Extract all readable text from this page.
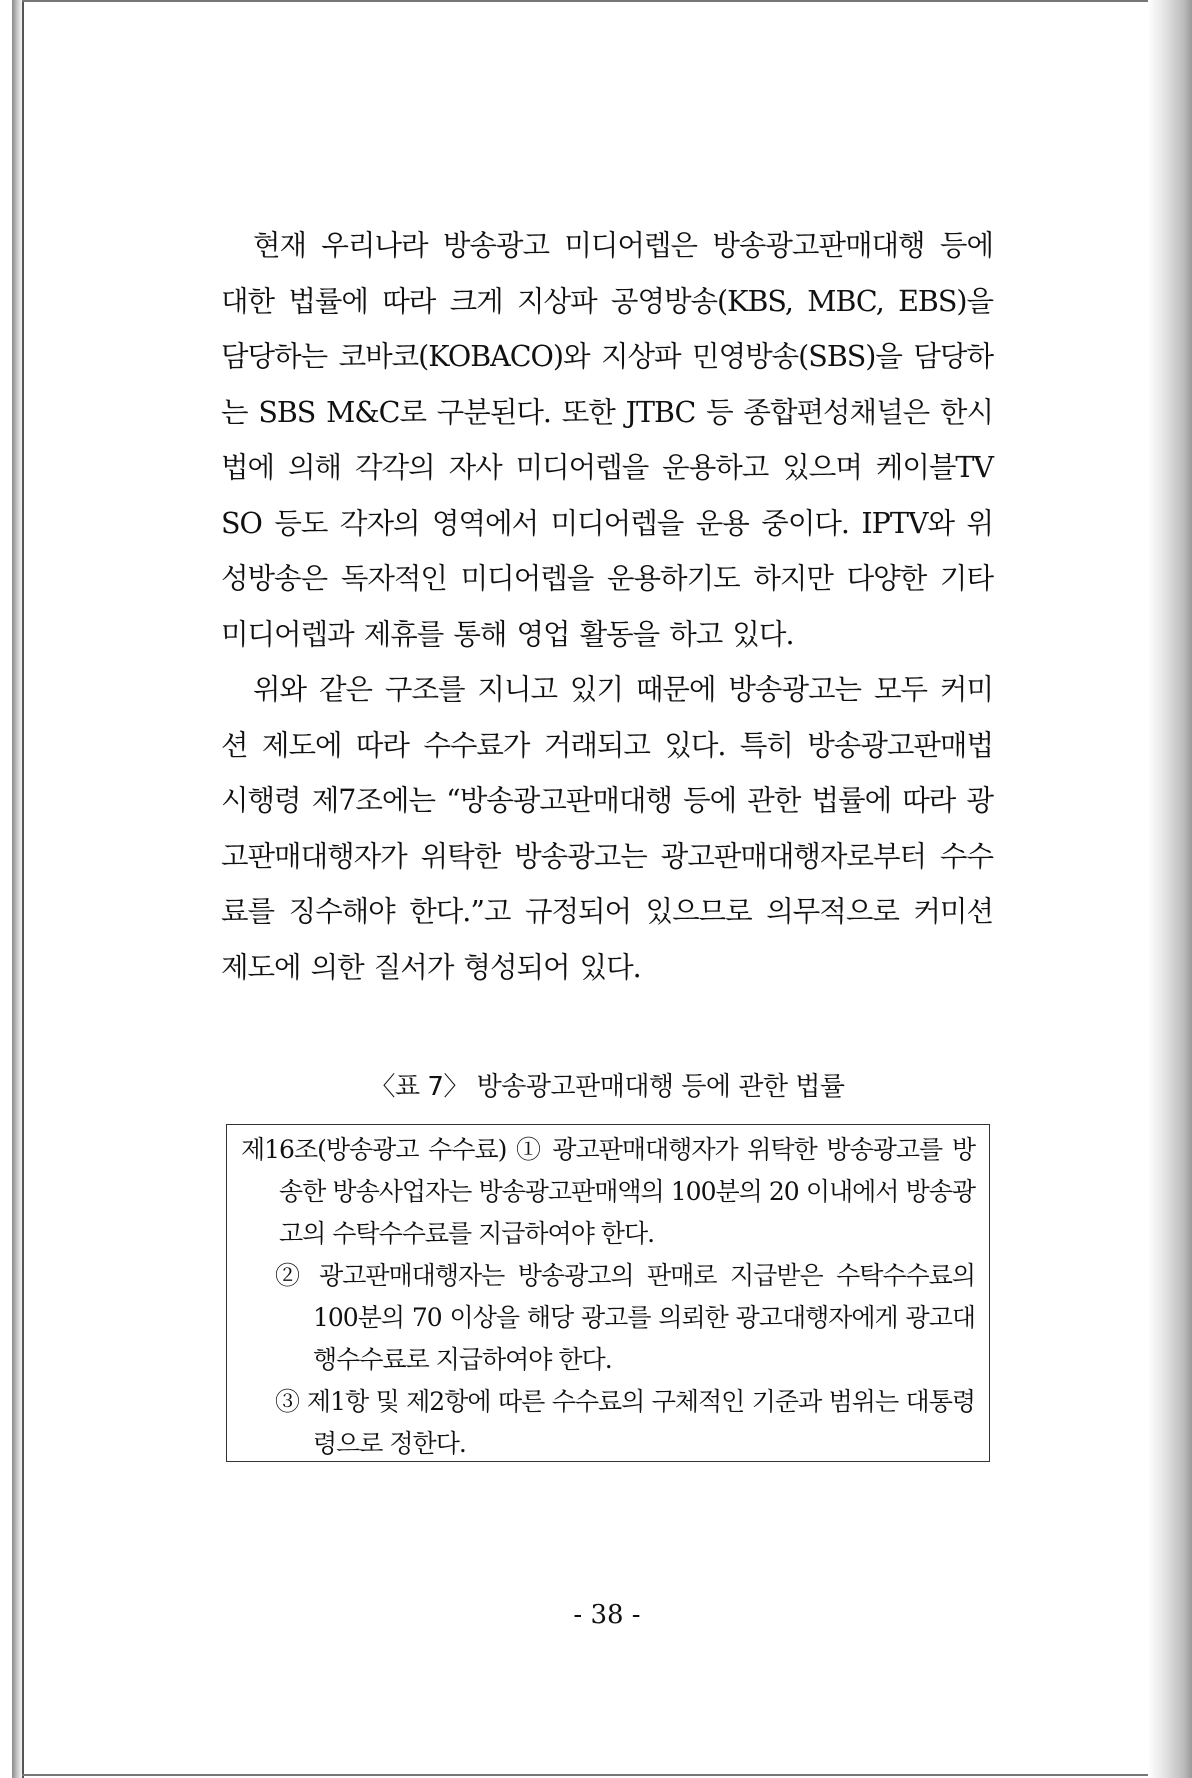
현재 우리나라 방송광고 미디어렙은 방송광고판매대행 등에 대한 법률에 따라 크게 지상파 공영방송(KBS, MBC, EBS)을 담당하는 코바코(KOBACO)와 지상파 민영방송(SBS)을 담당하는 SBS M&C로 구분된다. 또한 JTBC 등 종합편성채널은 한시법에 의해 각각의 자사 미디어렙을 운용하고 있으며 케이블TV SO 등도 각자의 영역에서 미디어렙을 운용 중이다. IPTV와 위성방송은 독자적인 미디어렙을 운용하기도 하지만 다양한 기타 미디어렙과 제휴를 통해 영업 활동을 하고 있다.

위와 같은 구조를 지니고 있기 때문에 방송광고는 모두 커미션 제도에 따라 수수료가 거래되고 있다. 특히 방송광고판매법 시행령 제7조에는 “방송광고판매대행 등에 관한 법률에 따라 광고판매대행자가 위탁한 방송광고는 광고판매대행자로부터 수수료를 징수해야 한다.”고 규정되어 있으므로 의무적으로 커미션 제도에 의한 질서가 형성되어 있다.

〈표 7〉 방송광고판매대행 등에 관한 법률

제16조(방송광고 수수료) ① 광고판매대행자가 위탁한 방송광고를 방송한 방송사업자는 방송광고판매액의 100분의 20 이내에서 방송광고의 수탁수수료를 지급하여야 한다.

② 광고판매대행자는 방송광고의 판매로 지급받은 수탁수수료의 100분의 70 이상을 해당 광고를 의뢰한 광고대행자에게 광고대행수수료로 지급하여야 한다.

③ 제1항 및 제2항에 따른 수수료의 구체적인 기준과 범위는 대통령령으로 정한다.

- 38 -
